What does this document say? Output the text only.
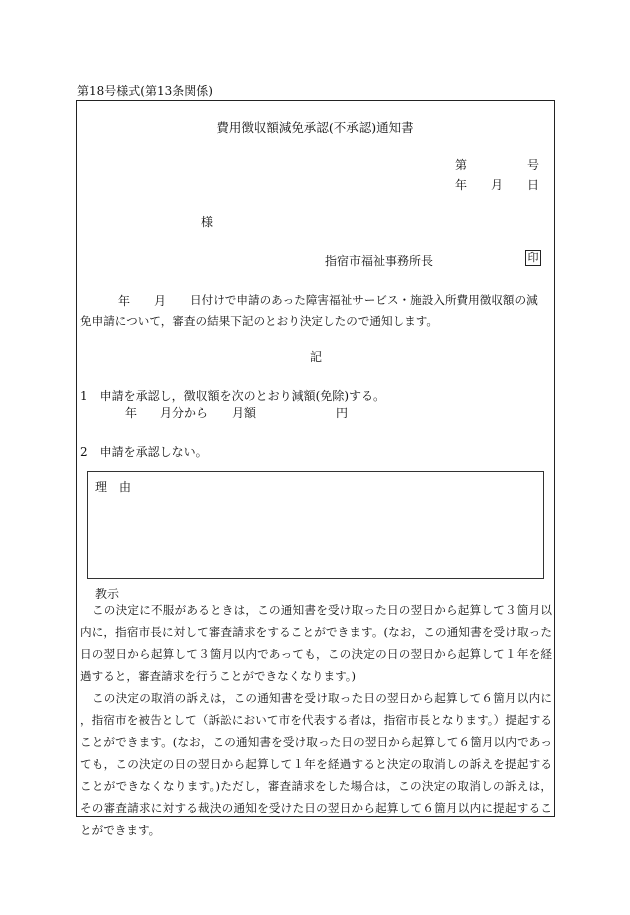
第18号様式(第13条関係)
費用徴収額減免承認(不承認)通知書
第	号
年 月 日
様
指宿市福祉事務所長	印
年 月 日付けで申請のあった障害福祉サービス・施設入所費用徴収額の減
免申請について，審査の結果下記のとおり決定したので通知します。
記
1　申請を承認し，徴収額を次のとおり減額(免除)する。
年 月分から 月額	円
2　申請を承認しない。
理　由
教示
この決定に不服があるときは，この通知書を受け取った日の翌日から起算して３箇月以内に，指宿市長に対して審査請求をすることができます。(なお，この通知書を受け取った日の翌日から起算して３箇月以内であっても，この決定の日の翌日から起算して１年を経過すると，審査請求を行うことができなくなります。)
この決定の取消の訴えは，この通知書を受け取った日の翌日から起算して６箇月以内に，指宿市を被告として（訴訟において市を代表する者は，指宿市長となります。）提起することができます。(なお，この通知書を受け取った日の翌日から起算して６箇月以内であっても，この決定の日の翌日から起算して１年を経過すると決定の取消しの訴えを提起することができなくなります。)ただし，審査請求をした場合は，この決定の取消しの訴えは，その審査請求に対する裁決の通知を受けた日の翌日から起算して６箇月以内に提起することができます。
